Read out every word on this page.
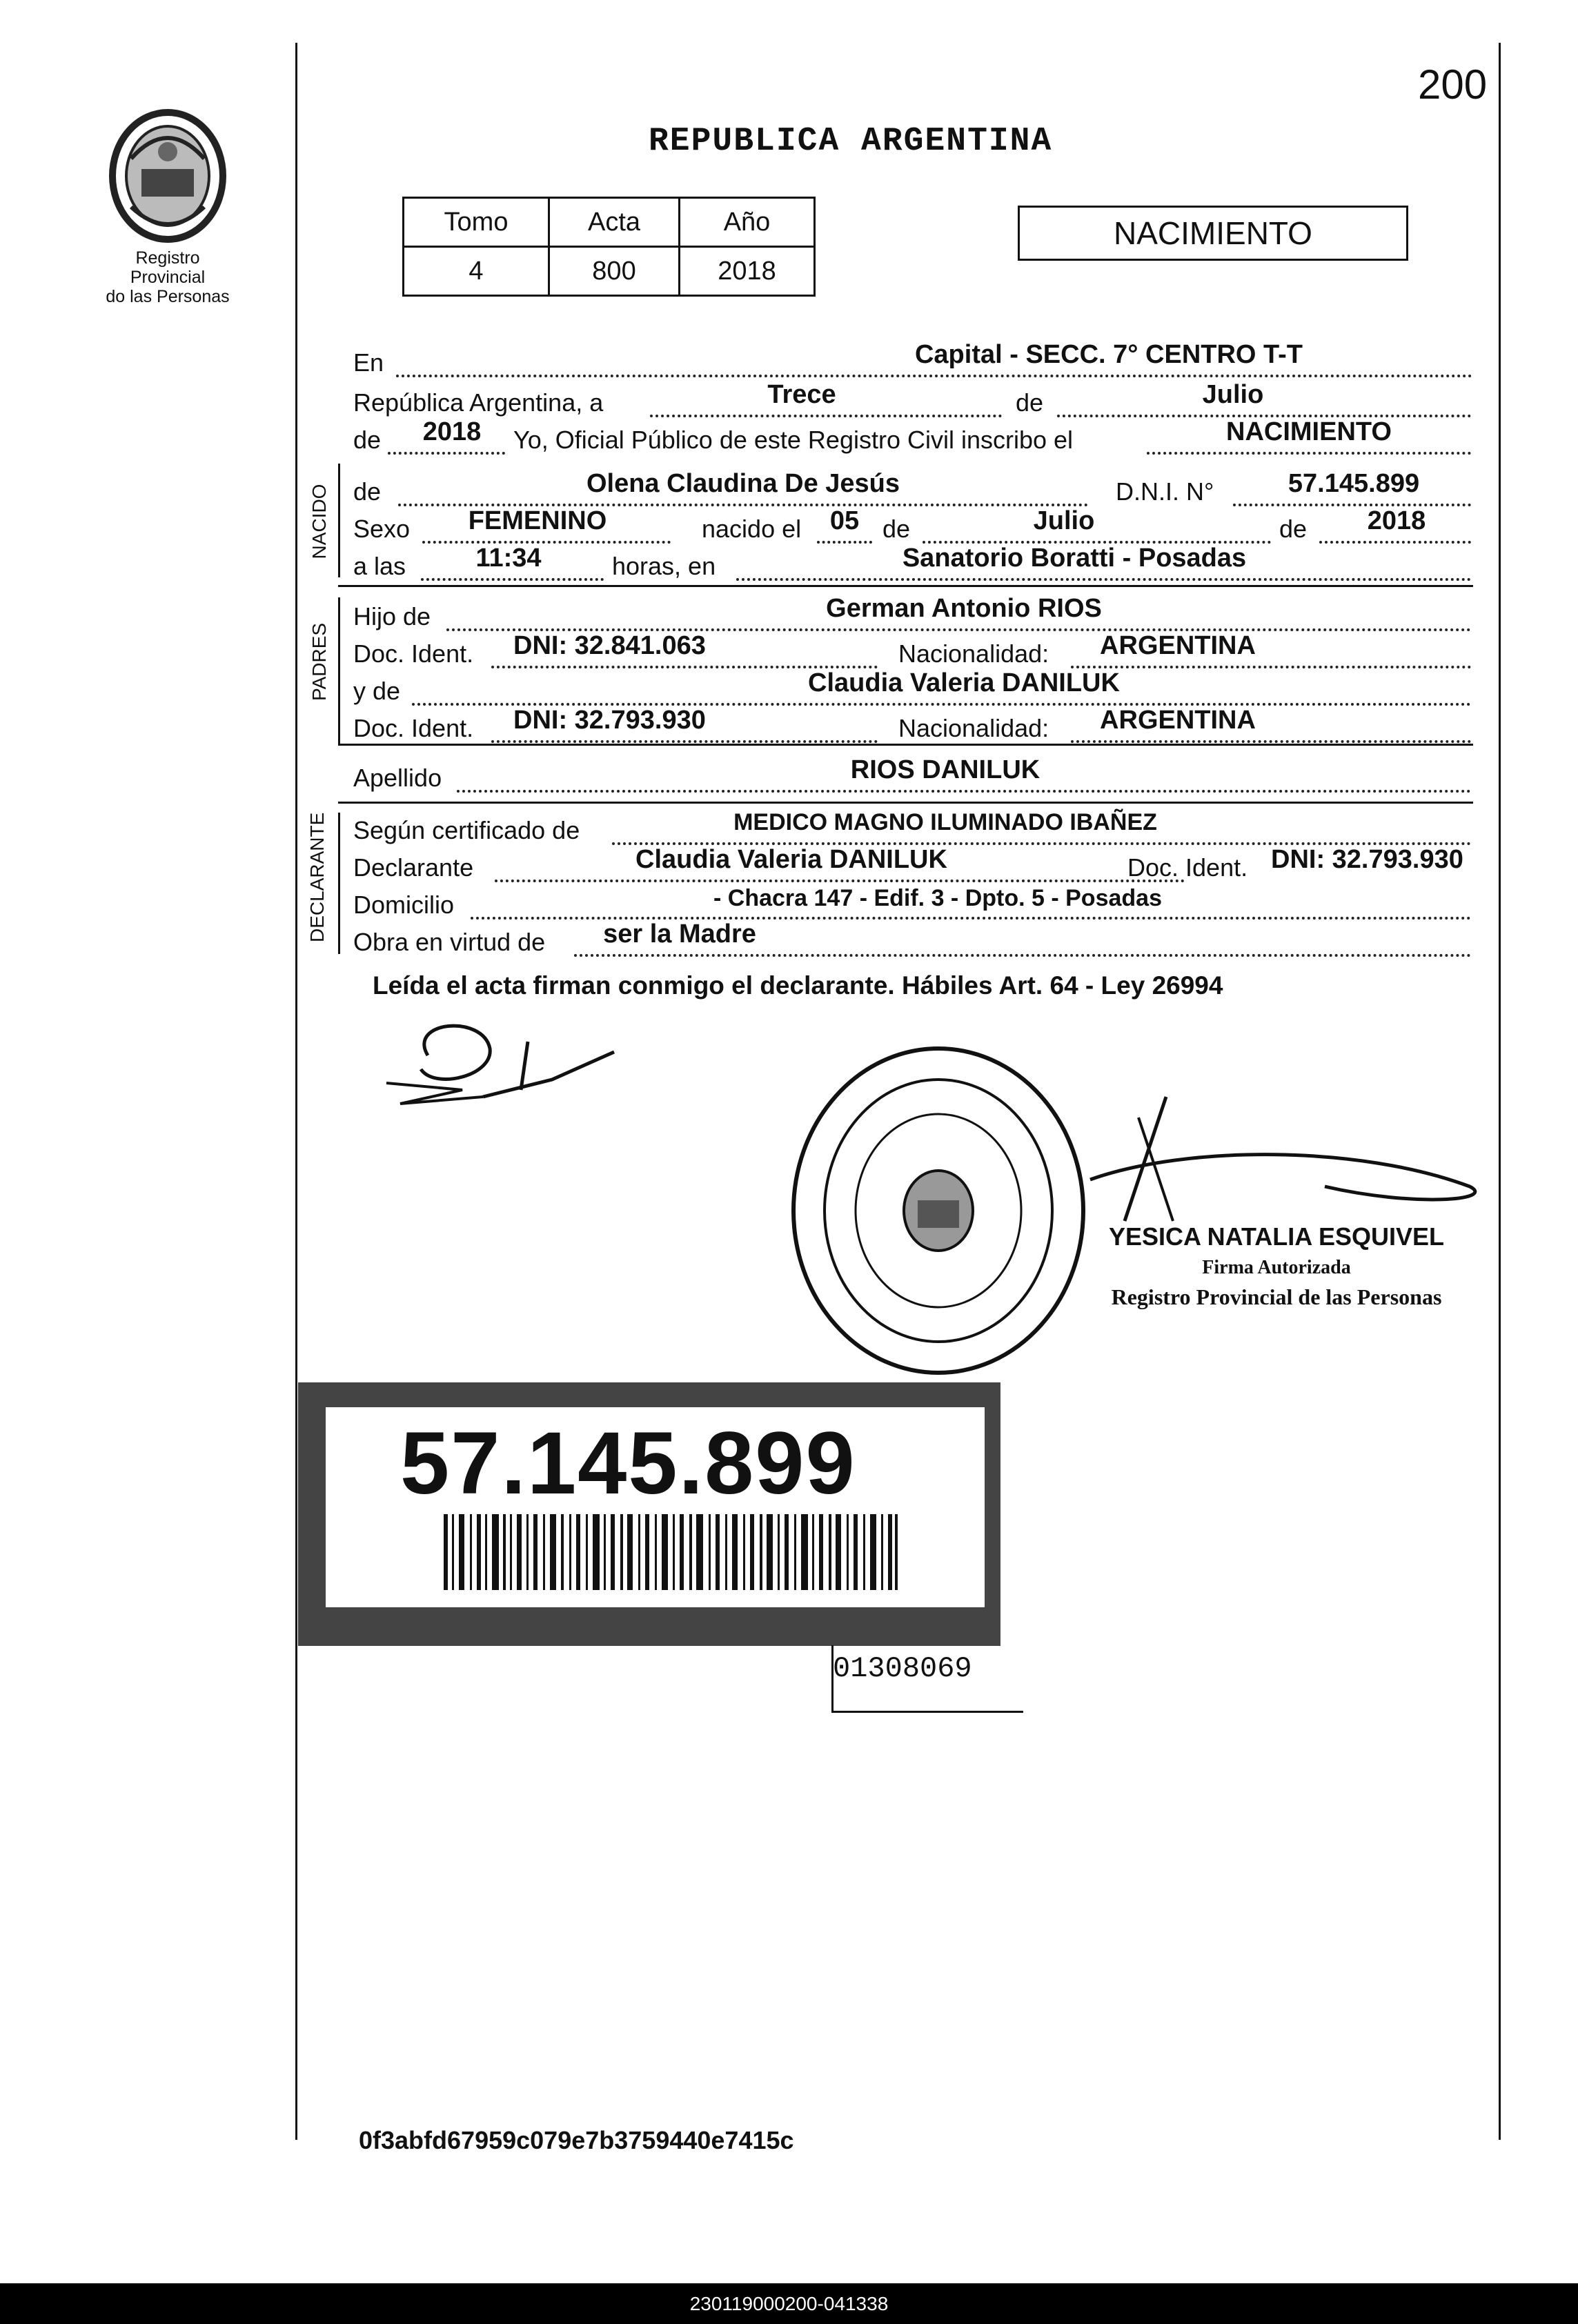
200
Registro Provincial
do las Personas
REPUBLICA ARGENTINA
Tomo	Acta	Año
4	800	2018
NACIMIENTO
En	Capital - SECC. 7° CENTRO T-T
República Argentina, a	Trece	de	Julio
de 2018 Yo, Oficial Público de este Registro Civil inscribo el	NACIMIENTO
NACIDO de	Olena Claudina De Jesús	D.N.I. N°	57.145.899
Sexo FEMENINO	nacido el 05 de	Julio	de 2018
a las	11:34	horas, en	Sanatorio Boratti - Posadas
PADRES
Hijo de	German Antonio RIOS
Doc. Ident. DNI: 32.841.063	Nacionalidad: ARGENTINA
y de	Claudia Valeria DANILUK
Doc. Ident. DNI: 32.793.930	Nacionalidad: ARGENTINA
Apellido	RIOS DANILUK
DECLARANTE Según certificado de	MEDICO MAGNO ILUMINADO IBAÑEZ
Declarante	Claudia Valeria DANILUK	Doc. Ident. DNI: 32.793.930
Domicilio	- Chacra 147 - Edif. 3 - Dpto. 5 - Posadas
Obra en virtud de ser la Madre
Leída el acta firman conmigo el declarante. Hábiles Art. 64 - Ley 26994
YESICA NATALIA ESQUIVEL
Firma Autorizada
Registro Provincial de las Personas
57.145.899
01308069
0f3abfd67959c079e7b3759440e7415c
230119000200-041338
